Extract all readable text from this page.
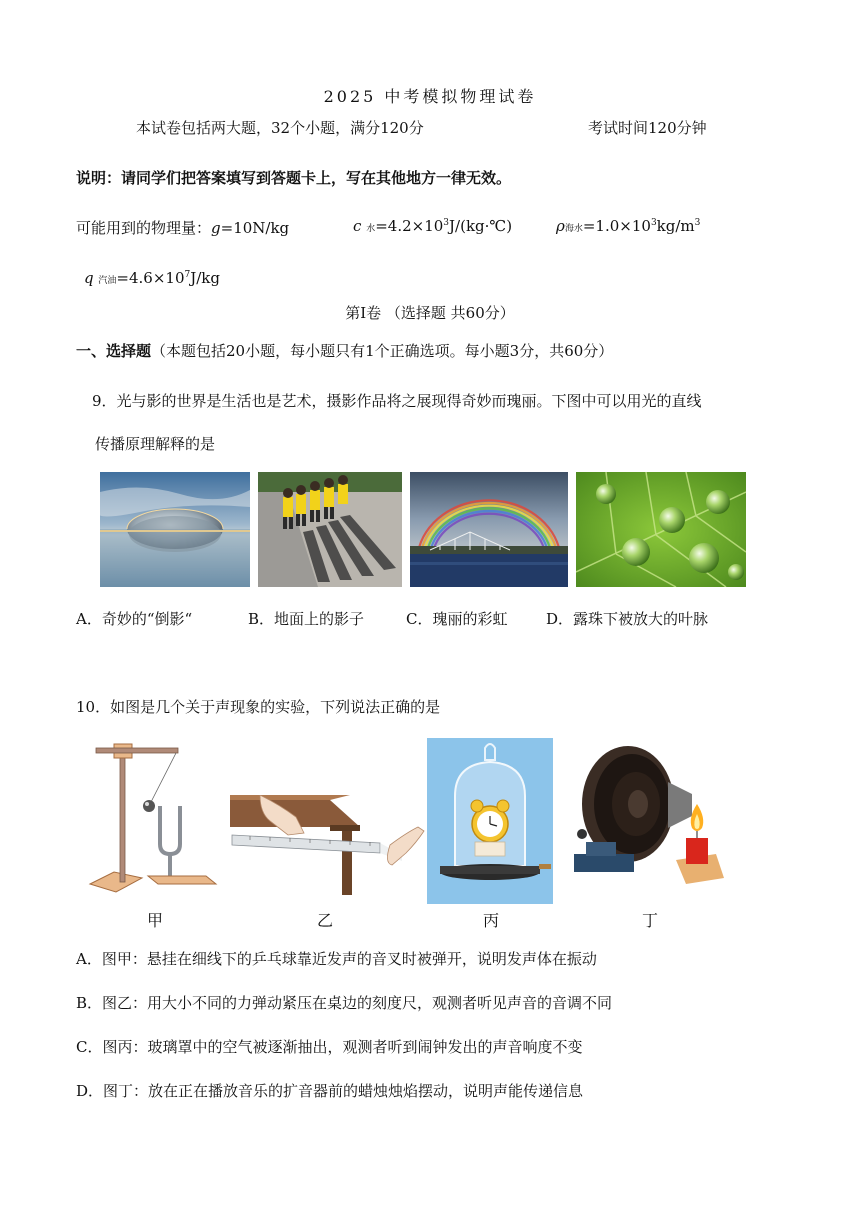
2025 中考模拟物理试卷
本试卷包括两大题，32个小题，满分120分	考试时间120分钟
说明：请同学们把答案填写到答题卡上，写在其他地方一律无效。
可能用到的物理量：g=10N/kg	c 水$=4.2\times 10^3J/(kg\cdot℃)$	ρ海水$=1.0\times 10^3kg/m^3$
q 汽油$=4.6\times 10^7J/kg$
第I卷 （选择题 共60分）
一、选择题（本题包括20小题，每小题只有1个正确选项。每小题3分，共60分）
9．光与影的世界是生活也是艺术，摄影作品将之展现得奇妙而瑰丽。下图中可以用光的直线
传播原理解释的是
A．奇妙的“倒影“	B．地面上的影子	C．瑰丽的彩虹	D．露珠下被放大的叶脉
10．如图是几个关于声现象的实验，下列说法正确的是
甲	乙	丙	丁
A．图甲：悬挂在细线下的乒乓球靠近发声的音叉时被弹开，说明发声体在振动
B．图乙：用大小不同的力弹动紧压在桌边的刻度尺，观测者听见声音的音调不同
C．图丙：玻璃罩中的空气被逐渐抽出，观测者听到闹钟发出的声音响度不变
D．图丁：放在正在播放音乐的扩音器前的蜡烛烛焰摆动，说明声能传递信息
